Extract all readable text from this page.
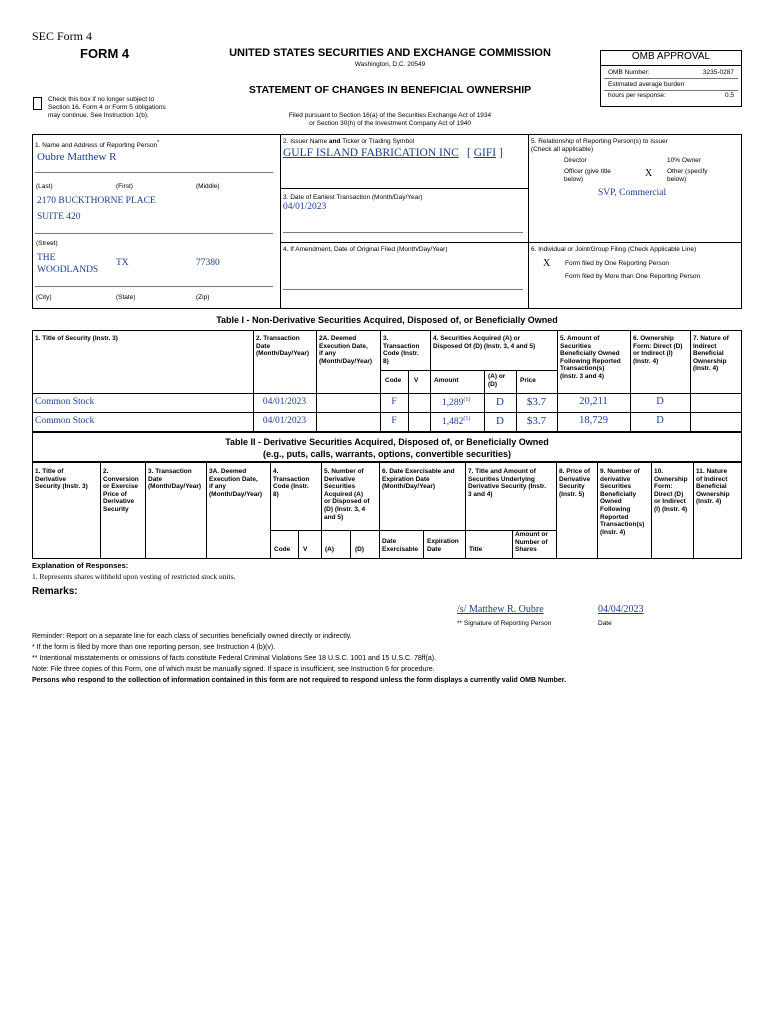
SEC Form 4
FORM 4	UNITED STATES SECURITIES AND EXCHANGE COMMISSION
Washington, D.C. 20549
STATEMENT OF CHANGES IN BENEFICIAL OWNERSHIP
Check this box if no longer subject to
Section 16. Form 4 or Form 5 obligations
may continue. See Instruction 1(b).	Filed pursuant to Section 16(a) of the Securities Exchange Act of 1934
or Section 30(h) of the Investment Company Act of 1940
OMB APPROVAL
OMB Number:	3235-0287
Estimated average burden
hours per response:	0.5
1. Name and Address of Reporting Person*
Oubre Matthew R
(Last)	(First)	(Middle)
2170 BUCKTHORNE PLACE
SUITE 420
(Street)
THE
WOODLANDS
TX	77380
(City)	(State)	(Zip)
2. Issuer Name and Ticker or Trading Symbol
GULF ISLAND FABRICATION INC [ GIFI ]
3. Date of Earliest Transaction (Month/Day/Year)
04/01/2023
4. If Amendment, Date of Original Filed (Month/Day/Year)
5. Relationship of Reporting Person(s) to Issuer
(Check all applicable)
Director	10% Owner
Officer (give title
below)
X Other (specify
below)
SVP, Commercial
6. Individual or Joint/Group Filing (Check Applicable Line)
X Form filed by One Reporting Person
Form filed by More than One Reporting Person
Table I - Non-Derivative Securities Acquired, Disposed of, or Beneficially Owned
1. Title of Security (Instr. 3)	2. Transaction
Date
(Month/Day/Year)
2A. Deemed
Execution Date,
if any
(Month/Day/Year)
3.
Transaction
Code (Instr.
8)
4. Securities Acquired (A) or
Disposed Of (D) (Instr. 3, 4 and 5)
5. Amount of
Securities
Beneficially Owned
Following Reported
Transaction(s)
(Instr. 3 and 4)
6. Ownership
Form: Direct (D)
or Indirect (I)
(Instr. 4)
7. Nature of
Indirect
Beneficial
Ownership
(Instr. 4)
Code V Amount
(A) or
(D)
Price
Common Stock	04/01/2023	F	1,289$^{(1)}$	D	$3.7	20,211	D
Common Stock	04/01/2023	F	1,482$^{(1)}$	D	$3.7	18,729	D
Table II - Derivative Securities Acquired, Disposed of, or Beneficially Owned
(e.g., puts, calls, warrants, options, convertible securities)
1. Title of
Derivative
Security (Instr. 3)
2.
Conversion
or Exercise
Price of
Derivative
Security
3. Transaction
Date
(Month/Day/Year)
3A. Deemed
Execution Date,
if any
(Month/Day/Year)
4.
Transaction
Code (Instr.
8)
5. Number of
Derivative
Securities
Acquired (A)
or Disposed of
(D) (Instr. 3, 4
and 5)
6. Date Exercisable and
Expiration Date
(Month/Day/Year)
7. Title and Amount of
Securities Underlying
Derivative Security (Instr.
3 and 4)
8. Price of
Derivative
Security
(Instr. 5)
9. Number of
derivative
Securities
Beneficially
Owned
Following
Reported
Transaction(s)
(Instr. 4)
10.
Ownership
Form:
Direct (D)
or Indirect
(I) (Instr. 4)
11. Nature
of Indirect
Beneficial
Ownership
(Instr. 4)
Code V	(A)	(D)
Date
Exercisable
Expiration
Date	Title
Amount or
Number of
Shares
Explanation of Responses:
1. Represents shares withheld upon vesting of restricted stock units.
Remarks:
/s/ Matthew R. Oubre	04/04/2023
** Signature of Reporting Person	Date
Reminder: Report on a separate line for each class of securities beneficially owned directly or indirectly.
* If the form is filed by more than one reporting person, see Instruction 4 (b)(v).
** Intentional misstatements or omissions of facts constitute Federal Criminal Violations See 18 U.S.C. 1001 and 15 U.S.C. 78ff(a).
Note: File three copies of this Form, one of which must be manually signed. If space is insufficient, see Instruction 6 for procedure.
Persons who respond to the collection of information contained in this form are not required to respond unless the form displays a currently valid OMB Number.
